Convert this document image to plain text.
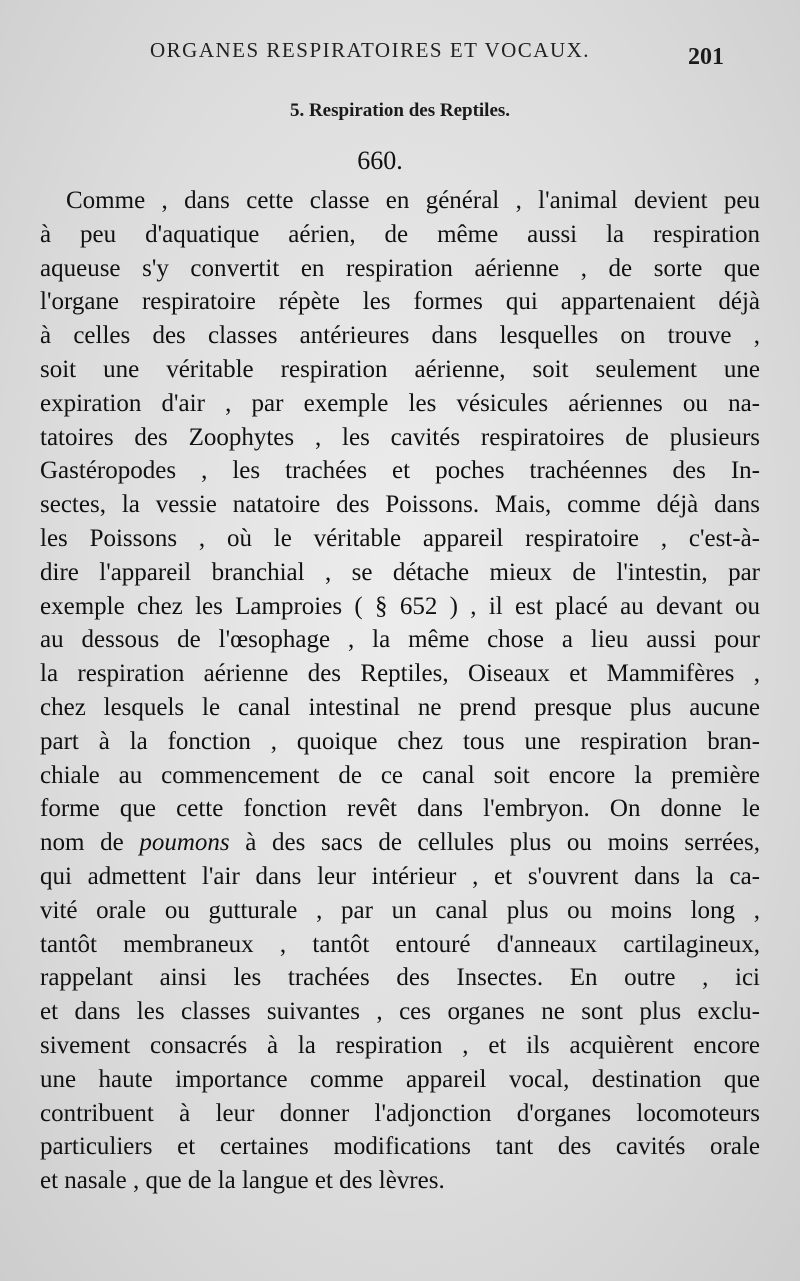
ORGANES RESPIRATOIRES ET VOCAUX.	201
5. Respiration des Reptiles.
660.
Comme , dans cette classe en général , l'animal devient peu
à peu d'aquatique aérien, de même aussi la respiration
aqueuse s'y convertit en respiration aérienne , de sorte que
l'organe respiratoire répète les formes qui appartenaient déjà
à celles des classes antérieures dans lesquelles on trouve ,
soit une véritable respiration aérienne, soit seulement une
expiration d'air , par exemple les vésicules aériennes ou na-
tatoires des Zoophytes , les cavités respiratoires de plusieurs
Gastéropodes , les trachées et poches trachéennes des In-
sectes, la vessie natatoire des Poissons. Mais, comme déjà dans
les Poissons , où le véritable appareil respiratoire , c'est-à-
dire l'appareil branchial , se détache mieux de l'intestin, par
exemple chez les Lamproies ( § 652 ) , il est placé au devant ou
au dessous de l'œsophage , la même chose a lieu aussi pour
la respiration aérienne des Reptiles, Oiseaux et Mammifères ,
chez lesquels le canal intestinal ne prend presque plus aucune
part à la fonction , quoique chez tous une respiration bran-
chiale au commencement de ce canal soit encore la première
forme que cette fonction revêt dans l'embryon. On donne le
nom de poumons à des sacs de cellules plus ou moins serrées,
qui admettent l'air dans leur intérieur , et s'ouvrent dans la ca-
vité orale ou gutturale , par un canal plus ou moins long ,
tantôt membraneux , tantôt entouré d'anneaux cartilagineux,
rappelant ainsi les trachées des Insectes. En outre , ici
et dans les classes suivantes , ces organes ne sont plus exclu-
sivement consacrés à la respiration , et ils acquièrent encore
une haute importance comme appareil vocal, destination que
contribuent à leur donner l'adjonction d'organes locomoteurs
particuliers et certaines modifications tant des cavités orale
et nasale , que de la langue et des lèvres.
